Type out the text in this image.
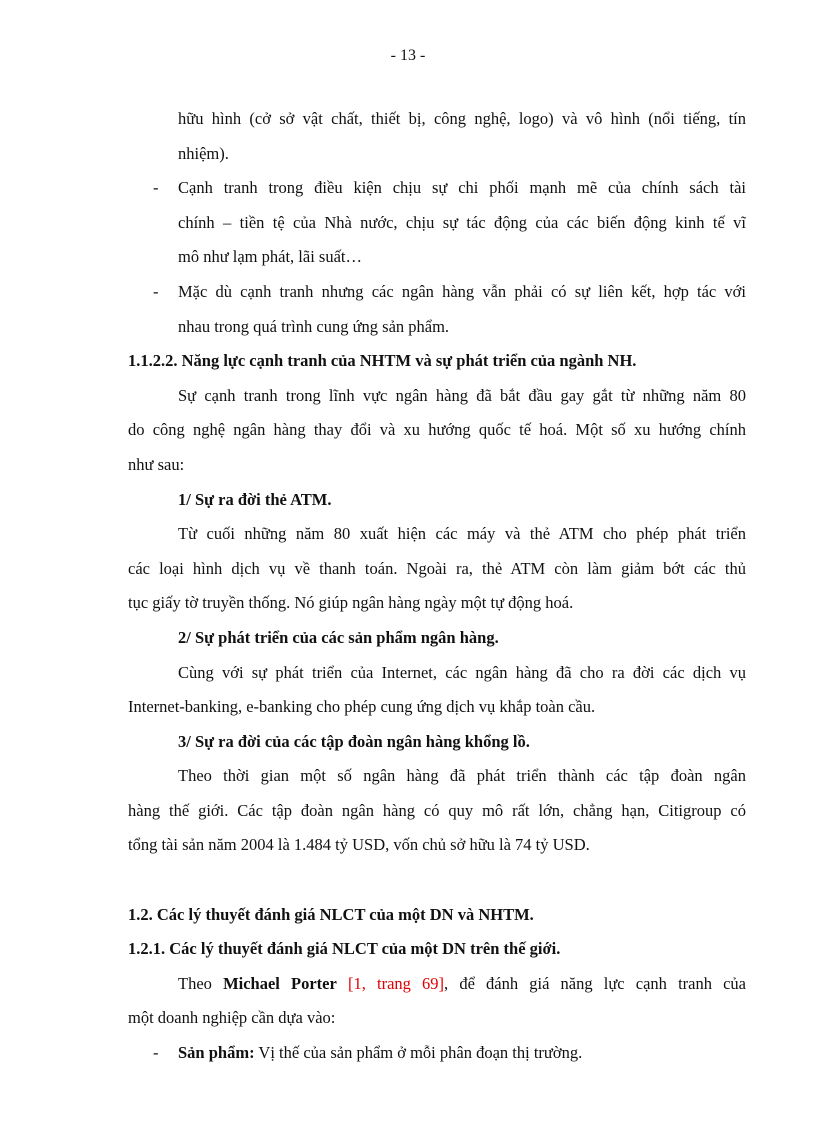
- 13 -
hữu hình (cở sở vật chất, thiết bị, công nghệ, logo) và vô hình (nổi tiếng, tín
nhiệm).
- Cạnh tranh trong điều kiện chịu sự chi phối mạnh mẽ của chính sách tài
chính – tiền tệ của Nhà nước, chịu sự tác động của các biến động kinh tế vĩ
mô như lạm phát, lãi suất…
- Mặc dù cạnh tranh nhưng các ngân hàng vẫn phải có sự liên kết, hợp tác với
nhau trong quá trình cung ứng sản phẩm.
1.1.2.2. Năng lực cạnh tranh của NHTM và sự phát triển của ngành NH.
Sự cạnh tranh trong lĩnh vực ngân hàng đã bắt đầu gay gắt từ những năm 80
do công nghệ ngân hàng thay đổi và xu hướng quốc tế hoá. Một số xu hướng chính
như sau:
1/ Sự ra đời thẻ ATM.
Từ cuối những năm 80 xuất hiện các máy và thẻ ATM cho phép phát triển
các loại hình dịch vụ về thanh toán. Ngoài ra, thẻ ATM còn làm giảm bớt các thủ
tục giấy tờ truyền thống. Nó giúp ngân hàng ngày một tự động hoá.
2/ Sự phát triển của các sản phẩm ngân hàng.
Cùng với sự phát triển của Internet, các ngân hàng đã cho ra đời các dịch vụ
Internet-banking, e-banking cho phép cung ứng dịch vụ khắp toàn cầu.
3/ Sự ra đời của các tập đoàn ngân hàng khổng lồ.
Theo thời gian một số ngân hàng đã phát triển thành các tập đoàn ngân
hàng thế giới. Các tập đoàn ngân hàng có quy mô rất lớn, chẳng hạn, Citigroup có
tổng tài sản năm 2004 là 1.484 tỷ USD, vốn chủ sở hữu là 74 tỷ USD.
1.2. Các lý thuyết đánh giá NLCT của một DN và NHTM.
1.2.1. Các lý thuyết đánh giá NLCT của một DN trên thế giới.
Theo Michael Porter [1, trang 69], để đánh giá năng lực cạnh tranh của
một doanh nghiệp cần dựa vào:
- Sản phẩm: Vị thế của sản phẩm ở mỗi phân đoạn thị trường.
